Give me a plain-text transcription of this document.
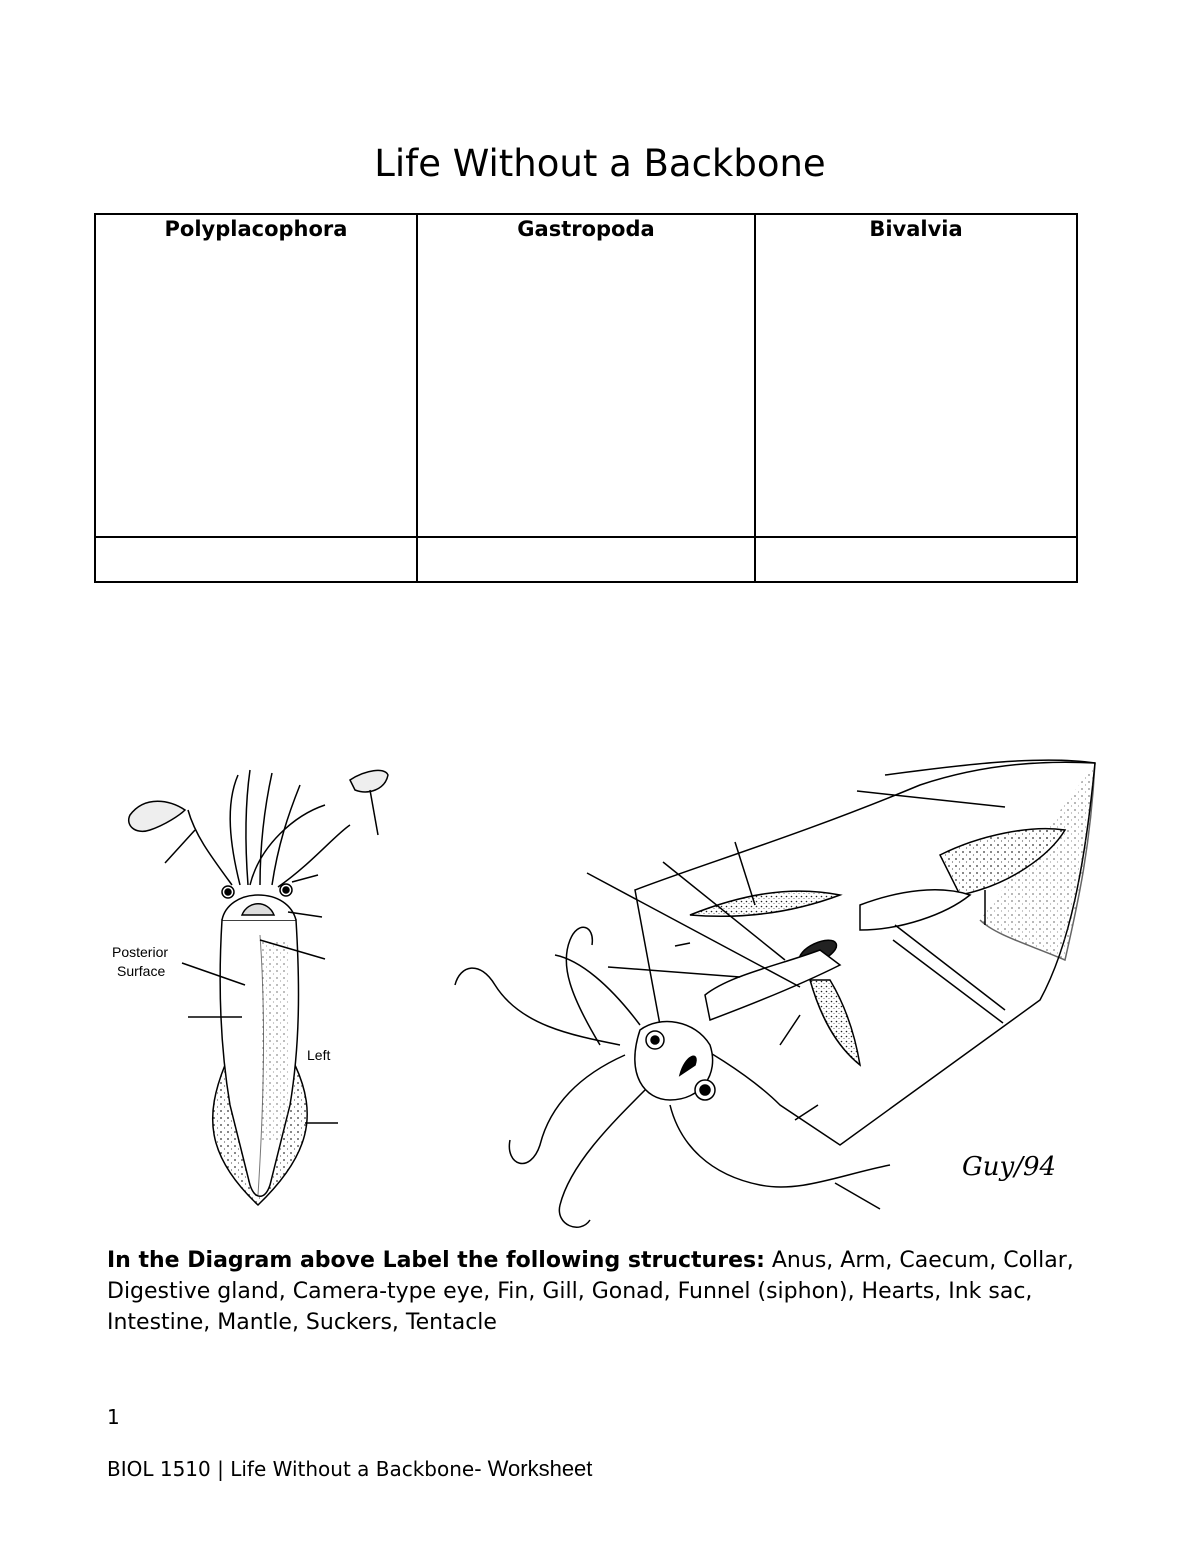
Life Without a Backbone
Polyplacophora	Gastropoda	Bivalvia

Posterior
Surface
Left
Guy/94
In the Diagram above Label the following structures: Anus, Arm, Caecum, Collar, Digestive gland, Camera-type eye, Fin, Gill, Gonad, Funnel (siphon), Hearts, Ink sac, Intestine, Mantle, Suckers, Tentacle
1
BIOL 1510 | Life Without a Backbone- Worksheet
